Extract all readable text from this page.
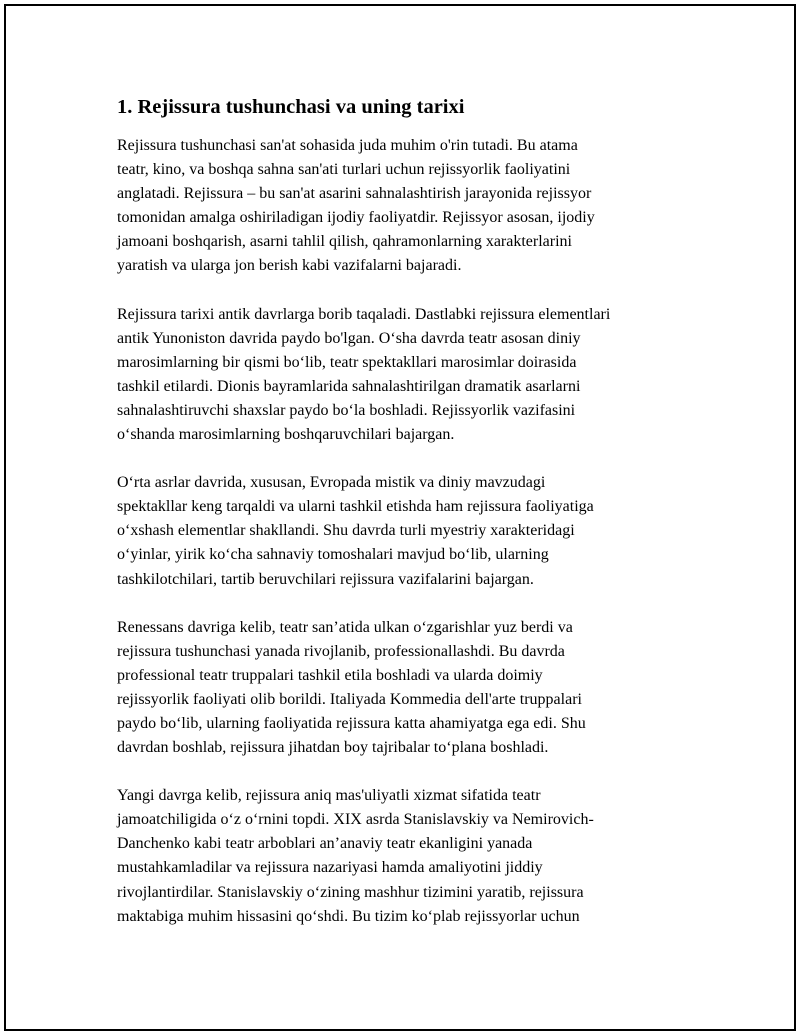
1. Rejissura tushunchasi va uning tarixi

Rejissura tushunchasi san'at sohasida juda muhim o'rin tutadi. Bu atama
teatr, kino, va boshqa sahna san'ati turlari uchun rejissyorlik faoliyatini
anglatadi. Rejissura – bu san'at asarini sahnalashtirish jarayonida rejissyor
tomonidan amalga oshiriladigan ijodiy faoliyatdir. Rejissyor asosan, ijodiy
jamoani boshqarish, asarni tahlil qilish, qahramonlarning xarakterlarini
yaratish va ularga jon berish kabi vazifalarni bajaradi.

Rejissura tarixi antik davrlarga borib taqaladi. Dastlabki rejissura elementlari
antik Yunoniston davrida paydo bo'lgan. O‘sha davrda teatr asosan diniy
marosimlarning bir qismi bo‘lib, teatr spektakllari marosimlar doirasida
tashkil etilardi. Dionis bayramlarida sahnalashtirilgan dramatik asarlarni
sahnalashtiruvchi shaxslar paydo bo‘la boshladi. Rejissyorlik vazifasini
o‘shanda marosimlarning boshqaruvchilari bajargan.

O‘rta asrlar davrida, xususan, Evropada mistik va diniy mavzudagi
spektakllar keng tarqaldi va ularni tashkil etishda ham rejissura faoliyatiga
o‘xshash elementlar shakllandi. Shu davrda turli myestriy xarakteridagi
o‘yinlar, yirik ko‘cha sahnaviy tomoshalari mavjud bo‘lib, ularning
tashkilotchilari, tartib beruvchilari rejissura vazifalarini bajargan.

Renessans davriga kelib, teatr san’atida ulkan o‘zgarishlar yuz berdi va
rejissura tushunchasi yanada rivojlanib, professionallashdi. Bu davrda
professional teatr truppalari tashkil etila boshladi va ularda doimiy
rejissyorlik faoliyati olib borildi. Italiyada Kommedia dell'arte truppalari
paydo bo‘lib, ularning faoliyatida rejissura katta ahamiyatga ega edi. Shu
davrdan boshlab, rejissura jihatdan boy tajribalar to‘plana boshladi.

Yangi davrga kelib, rejissura aniq mas'uliyatli xizmat sifatida teatr
jamoatchiligida o‘z o‘rnini topdi. XIX asrda Stanislavskiy va Nemirovich-
Danchenko kabi teatr arboblari an’anaviy teatr ekanligini yanada
mustahkamladilar va rejissura nazariyasi hamda amaliyotini jiddiy
rivojlantirdilar. Stanislavskiy o‘zining mashhur tizimini yaratib, rejissura
maktabiga muhim hissasini qo‘shdi. Bu tizim ko‘plab rejissyorlar uchun
